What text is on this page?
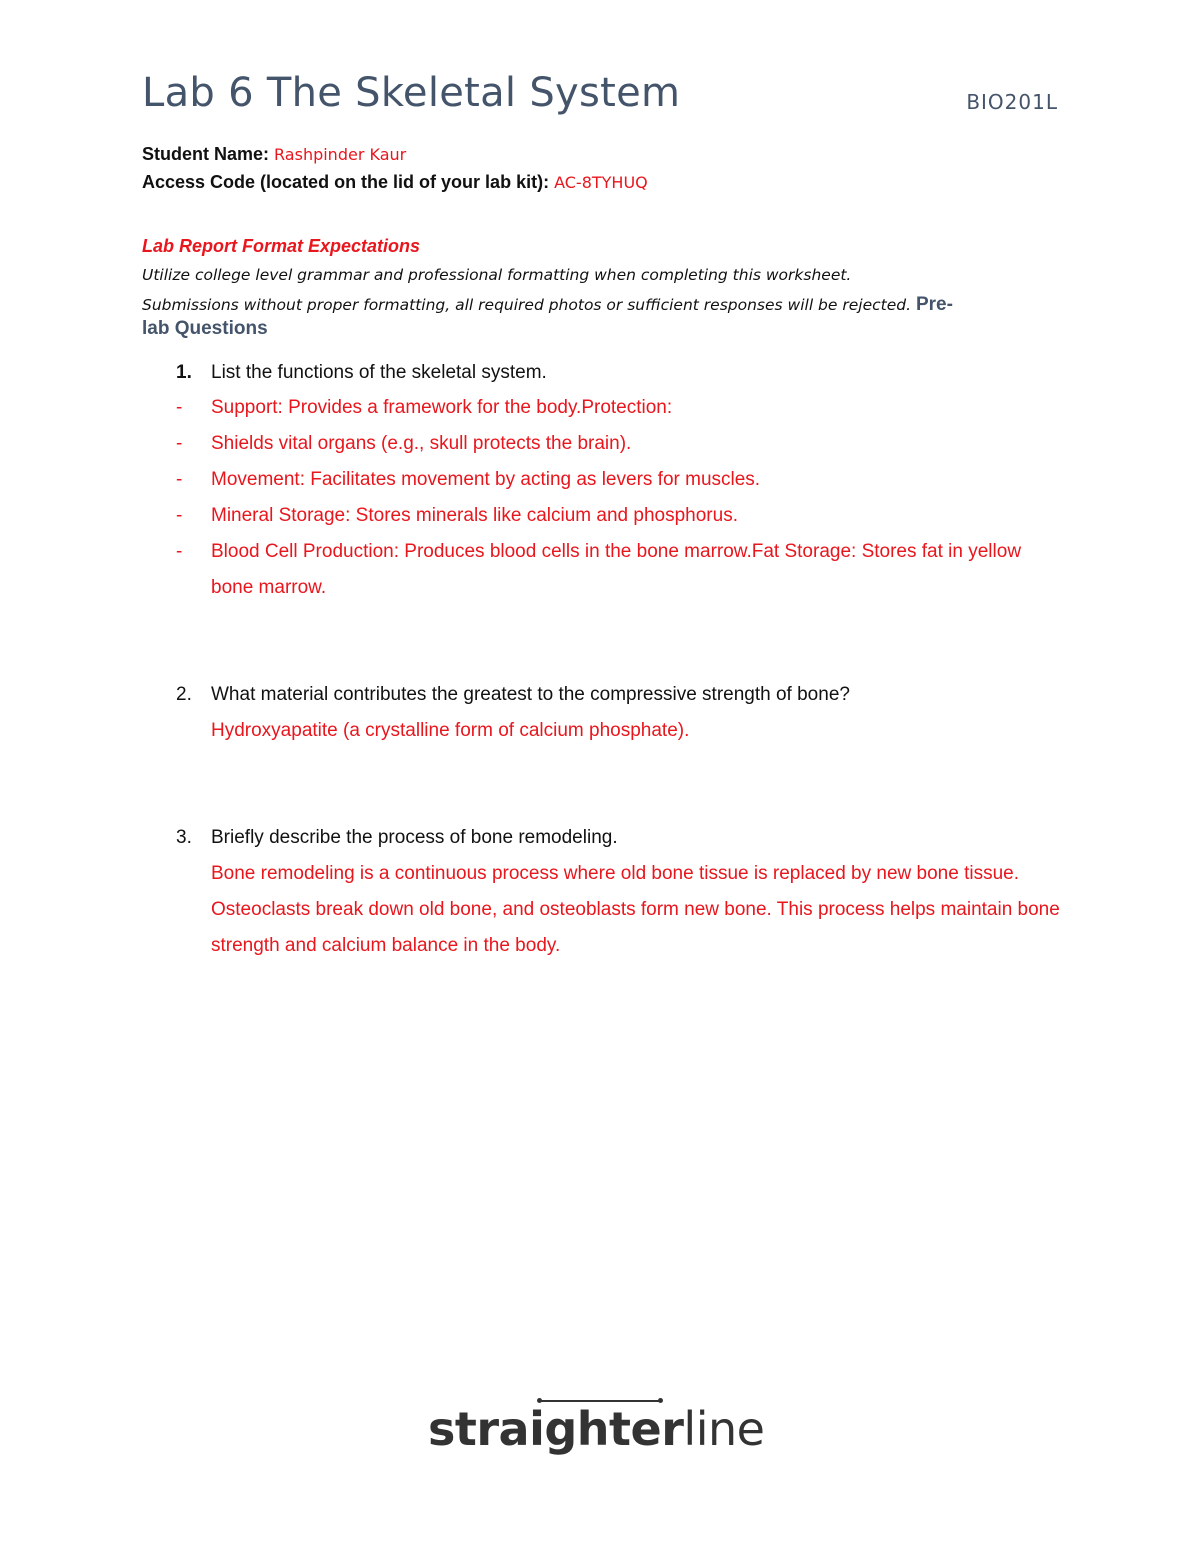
Lab 6 The Skeletal System	BIO201L
Student Name: Rashpinder Kaur
Access Code (located on the lid of your lab kit): AC-8TYHUQ
Lab Report Format Expectations
Utilize college level grammar and professional formatting when completing this worksheet.
Submissions without proper formatting, all required photos or sufficient responses will be rejected. Pre-
lab Questions
1. List the functions of the skeletal system.
- Support: Provides a framework for the body.Protection:
- Shields vital organs (e.g., skull protects the brain).
- Movement: Facilitates movement by acting as levers for muscles.
- Mineral Storage: Stores minerals like calcium and phosphorus.
- Blood Cell Production: Produces blood cells in the bone marrow.Fat Storage: Stores fat in yellow bone marrow.
2. What material contributes the greatest to the compressive strength of bone?
Hydroxyapatite (a crystalline form of calcium phosphate).
3. Briefly describe the process of bone remodeling.
Bone remodeling is a continuous process where old bone tissue is replaced by new bone tissue. Osteoclasts break down old bone, and osteoblasts form new bone. This process helps maintain bone strength and calcium balance in the body.
straighterline
